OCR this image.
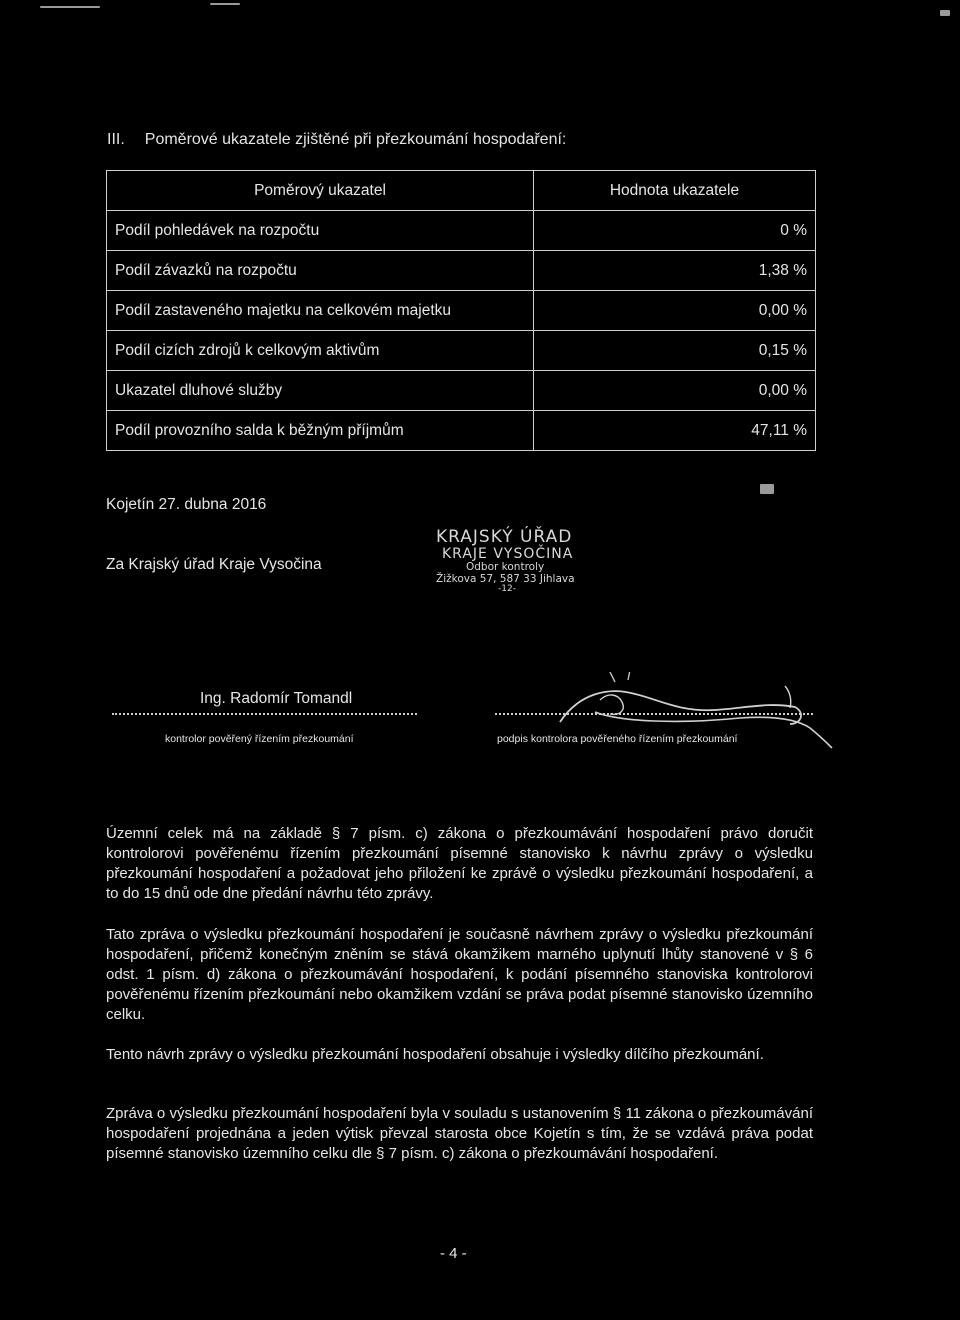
III. Poměrové ukazatele zjištěné při přezkoumání hospodaření:
Poměrový ukazatel	Hodnota ukazatele
Podíl pohledávek na rozpočtu	0 %
Podíl závazků na rozpočtu	1,38 %
Podíl zastaveného majetku na celkovém majetku	0,00 %
Podíl cizích zdrojů k celkovým aktivům	0,15 %
Ukazatel dluhové služby	0,00 %
Podíl provozního salda k běžným příjmům	47,11 %
Kojetín 27. dubna 2016
Za Krajský úřad Kraje Vysočina
KRAJSKÝ ÚŘAD
KRAJE VYSOČINA
Odbor kontroly
Žižkova 57, 587 33 Jihlava
-12-
Ing. Radomír Tomandl
kontrolor pověřený řízením přezkoumání	podpis kontrolora pověřeného řízením přezkoumání
Územní celek má na základě § 7 písm. c) zákona o přezkoumávání hospodaření právo doručit kontrolorovi pověřenému řízením přezkoumání písemné stanovisko k návrhu zprávy o výsledku přezkoumání hospodaření a požadovat jeho přiložení ke zprávě o výsledku přezkoumání hospodaření, a to do 15 dnů ode dne předání návrhu této zprávy.
Tato zpráva o výsledku přezkoumání hospodaření je současně návrhem zprávy o výsledku přezkoumání hospodaření, přičemž konečným zněním se stává okamžikem marného uplynutí lhůty stanovené v § 6 odst. 1 písm. d) zákona o přezkoumávání hospodaření, k podání písemného stanoviska kontrolorovi pověřenému řízením přezkoumání nebo okamžikem vzdání se práva podat písemné stanovisko územního celku.
Tento návrh zprávy o výsledku přezkoumání hospodaření obsahuje i výsledky dílčího přezkoumání.
Zpráva o výsledku přezkoumání hospodaření byla v souladu s ustanovením § 11 zákona o přezkoumávání hospodaření projednána a jeden výtisk převzal starosta obce Kojetín s tím, že se vzdává práva podat písemné stanovisko územního celku dle § 7 písm. c) zákona o přezkoumávání hospodaření.
- 4 -
